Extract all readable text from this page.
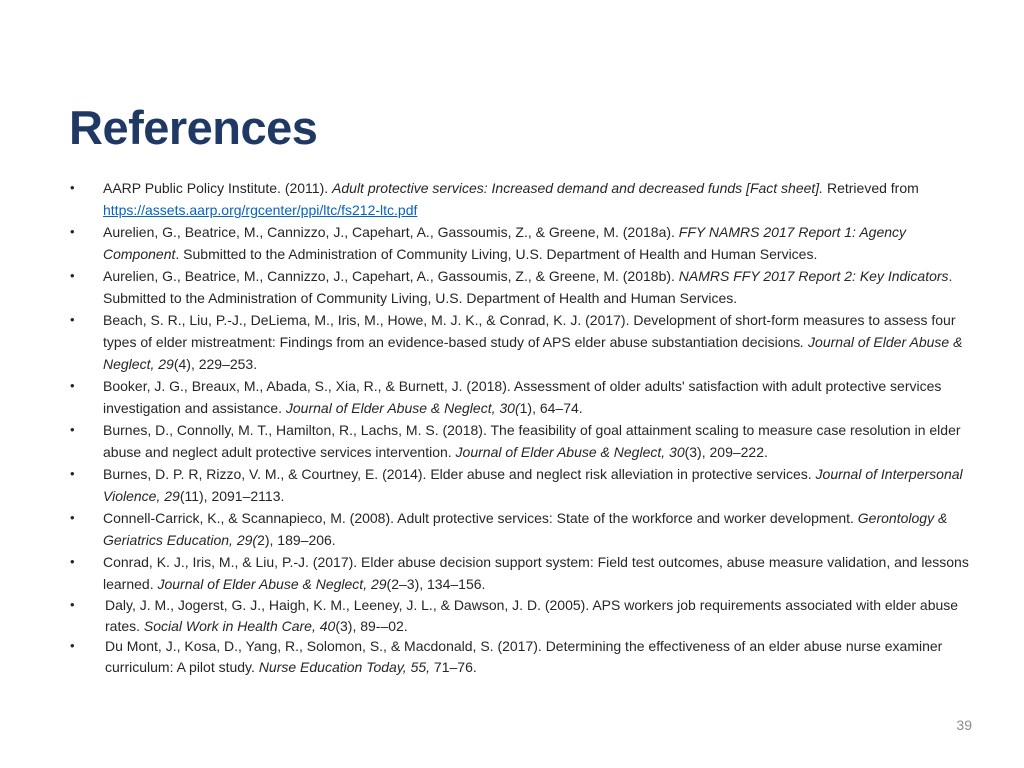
References
•	AARP Public Policy Institute. (2011). Adult protective services: Increased demand and decreased funds [Fact sheet]. Retrieved from https://assets.aarp.org/rgcenter/ppi/ltc/fs212-ltc.pdf
•	Aurelien, G., Beatrice, M., Cannizzo, J., Capehart, A., Gassoumis, Z., & Greene, M. (2018a). FFY NAMRS 2017 Report 1: Agency Component. Submitted to the Administration of Community Living, U.S. Department of Health and Human Services.
•	Aurelien, G., Beatrice, M., Cannizzo, J., Capehart, A., Gassoumis, Z., & Greene, M. (2018b). NAMRS FFY 2017 Report 2: Key Indicators. Submitted to the Administration of Community Living, U.S. Department of Health and Human Services.
•	Beach, S. R., Liu, P.-J., DeLiema, M., Iris, M., Howe, M. J. K., & Conrad, K. J. (2017). Development of short-form measures to assess four types of elder mistreatment: Findings from an evidence-based study of APS elder abuse substantiation decisions. Journal of Elder Abuse & Neglect, 29(4), 229–253.
•	Booker, J. G., Breaux, M., Abada, S., Xia, R., & Burnett, J. (2018). Assessment of older adults' satisfaction with adult protective services investigation and assistance. Journal of Elder Abuse & Neglect, 30(1), 64–74.
•	Burnes, D., Connolly, M. T., Hamilton, R., Lachs, M. S. (2018). The feasibility of goal attainment scaling to measure case resolution in elder abuse and neglect adult protective services intervention. Journal of Elder Abuse & Neglect, 30(3), 209–222.
•	Burnes, D. P. R, Rizzo, V. M., & Courtney, E. (2014). Elder abuse and neglect risk alleviation in protective services. Journal of Interpersonal Violence, 29(11), 2091–2113.
•	Connell-Carrick, K., & Scannapieco, M. (2008). Adult protective services: State of the workforce and worker development. Gerontology & Geriatrics Education, 29(2), 189–206.
•	Conrad, K. J., Iris, M., & Liu, P.-J. (2017). Elder abuse decision support system: Field test outcomes, abuse measure validation, and lessons learned. Journal of Elder Abuse & Neglect, 29(2–3), 134–156.
•	Daly, J. M., Jogerst, G. J., Haigh, K. M., Leeney, J. L., & Dawson, J. D. (2005). APS workers job requirements associated with elder abuse rates. Social Work in Health Care, 40(3), 89-–02.
•	Du Mont, J., Kosa, D., Yang, R., Solomon, S., & Macdonald, S. (2017). Determining the effectiveness of an elder abuse nurse examiner curriculum: A pilot study. Nurse Education Today, 55, 71–76.
39
